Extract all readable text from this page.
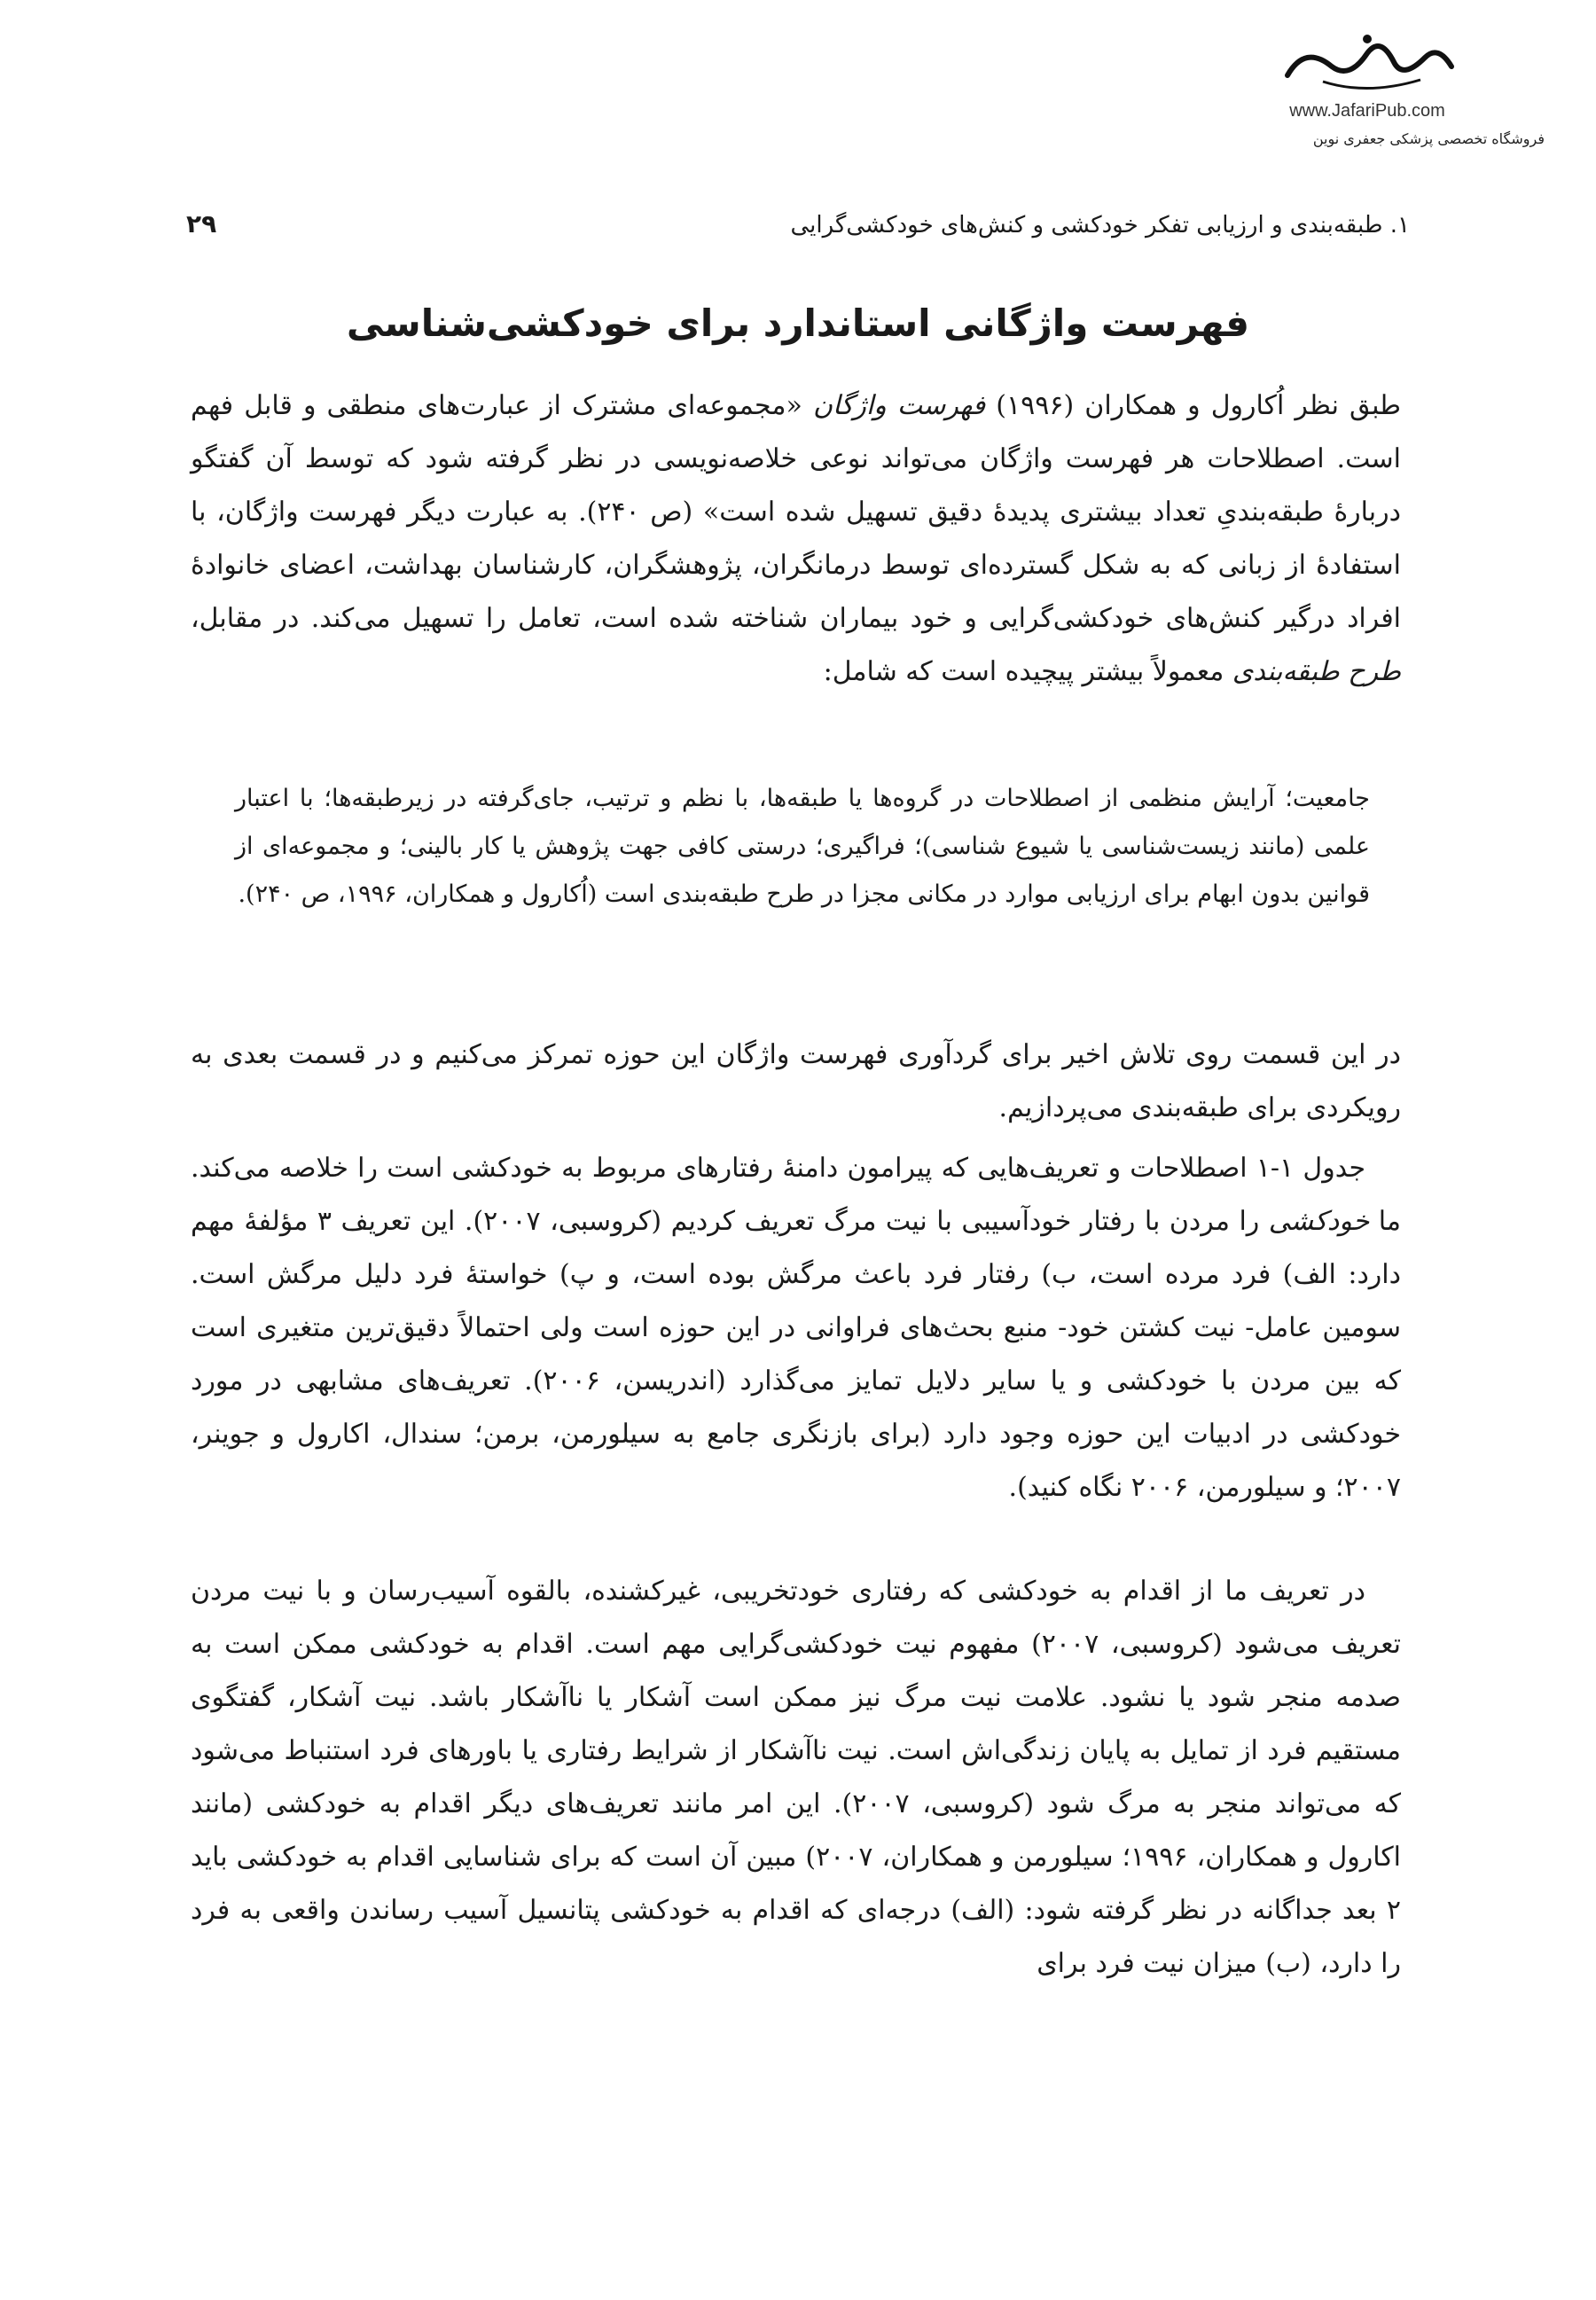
www.JafariPub.com
فروشگاه تخصصی پزشکی جعفری نوین
۱. طبقه‌بندی و ارزیابی تفکر خودکشی و کنش‌های خودکشی‌گرایی
۲۹
فهرست واژگانی استاندارد برای خودکشی‌شناسی

طبق نظر اُکارول و همکاران (۱۹۹۶) فهرست واژگان «مجموعه‌ای مشترک از عبارت‌های منطقی و قابل فهم است. اصطلاحات هر فهرست واژگان می‌تواند نوعی خلاصه‌نویسی در نظر گرفته شود که توسط آن گفتگو دربارهٔ طبقه‌بندیِ تعداد بیشتری پدیدهٔ دقیق تسهیل شده است» (ص ۲۴۰). به عبارت دیگر فهرست واژگان، با استفادهٔ از زبانی که به شکل گسترده‌ای توسط درمانگران، پژوهشگران، کارشناسان بهداشت، اعضای خانوادهٔ افراد درگیر کنش‌های خودکشی‌گرایی و خود بیماران شناخته شده است، تعامل را تسهیل می‌کند. در مقابل، طرح طبقه‌بندی معمولاً بیشتر پیچیده است که شامل:

جامعیت؛ آرایش منظمی از اصطلاحات در گروه‌ها یا طبقه‌ها، با نظم و ترتیب، جای‌گرفته در زیرطبقه‌ها؛ با اعتبار علمی (مانند زیست‌شناسی یا شیوع شناسی)؛ فراگیری؛ درستی کافی جهت پژوهش یا کار بالینی؛ و مجموعه‌ای از قوانین بدون ابهام برای ارزیابی موارد در مکانی مجزا در طرح طبقه‌بندی است (اُکارول و همکاران، ۱۹۹۶، ص ۲۴۰).

در این قسمت روی تلاش اخیر برای گردآوری فهرست واژگان این حوزه تمرکز می‌کنیم و در قسمت بعدی به رویکردی برای طبقه‌بندی می‌پردازیم.

جدول ۱-۱ اصطلاحات و تعریف‌هایی که پیرامون دامنهٔ رفتارهای مربوط به خودکشی است را خلاصه می‌کند. ما خودکشی را مردن با رفتار خودآسیبی با نیت مرگ تعریف کردیم (کروسبی، ۲۰۰۷). این تعریف ۳ مؤلفهٔ مهم دارد: الف) فرد مرده است، ب) رفتار فرد باعث مرگش بوده است، و پ) خواستهٔ فرد دلیل مرگش است. سومین عامل- نیت کشتن خود- منبع بحث‌های فراوانی در این حوزه است ولی احتمالاً دقیق‌ترین متغیری است که بین مردن با خودکشی و یا سایر دلایل تمایز می‌گذارد (اندریسن، ۲۰۰۶). تعریف‌های مشابهی در مورد خودکشی در ادبیات این حوزه وجود دارد (برای بازنگری جامع به سیلورمن، برمن؛ سندال، اکارول و جوینر، ۲۰۰۷؛ و سیلورمن، ۲۰۰۶ نگاه کنید).

در تعریف ما از اقدام به خودکشی که رفتاری خودتخریبی، غیرکشنده، بالقوه آسیب‌رسان و با نیت مردن تعریف می‌شود (کروسبی، ۲۰۰۷) مفهوم نیت خودکشی‌گرایی مهم است. اقدام به خودکشی ممکن است به صدمه منجر شود یا نشود. علامت نیت مرگ نیز ممکن است آشکار یا ناآشکار باشد. نیت آشکار، گفتگوی مستقیم فرد از تمایل به پایان زندگی‌اش است. نیت ناآشکار از شرایط رفتاری یا باورهای فرد استنباط می‌شود که می‌تواند منجر به مرگ شود (کروسبی، ۲۰۰۷). این امر مانند تعریف‌های دیگر اقدام به خودکشی (مانند اکارول و همکاران، ۱۹۹۶؛ سیلورمن و همکاران، ۲۰۰۷) مبین آن است که برای شناسایی اقدام به خودکشی باید ۲ بعد جداگانه در نظر گرفته شود: (الف) درجه‌ای که اقدام به خودکشی پتانسیل آسیب رساندن واقعی به فرد را دارد، (ب) میزان نیت فرد برای
